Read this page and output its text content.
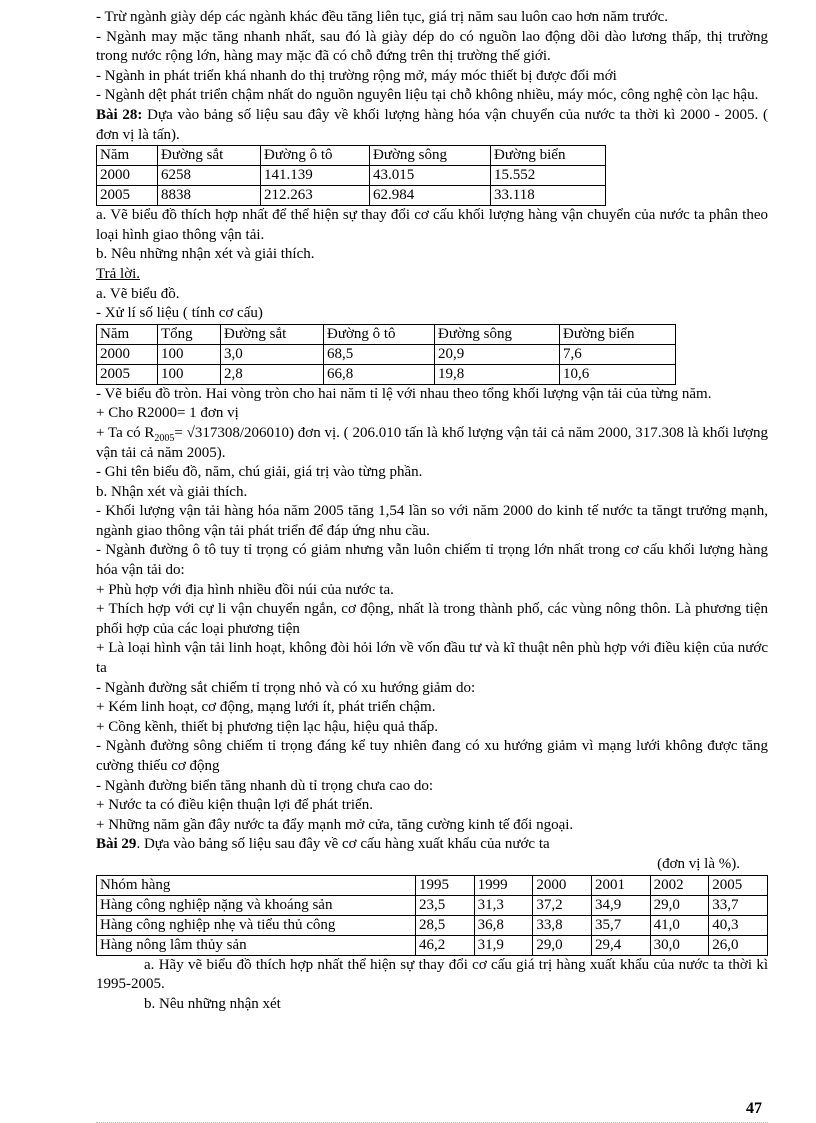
- Trừ ngành giày dép các ngành khác đều tăng liên tục, giá trị năm sau luôn cao hơn năm trước.

- Ngành may mặc tăng nhanh nhất, sau đó là giày dép do có nguồn lao động dồi dào lương thấp, thị trường trong nước rộng lớn, hàng may mặc đã có chỗ đứng trên thị trường thế giới.

- Ngành in phát triển khá nhanh do thị trường rộng mở, máy móc thiết bị được đổi mới

- Ngành dệt phát triển chậm nhất do nguồn nguyên liệu tại chỗ không nhiều, máy móc, công nghệ còn lạc hậu.

Bài 28: Dựa vào bảng số liệu sau đây về khối lượng hàng hóa vận chuyển của nước ta thời kì 2000 - 2005. ( đơn vị là tấn).

Năm	Đường sắt	Đường ô tô	Đường sông	Đường biển
2000	6258	141.139	43.015	15.552
2005	8838	212.263	62.984	33.118

a. Vẽ biểu đồ thích hợp nhất để thể hiện sự thay đổi cơ cấu khối lượng hàng vận chuyển của nước ta phân theo loại hình giao thông vận tải.

b. Nêu những nhận xét và giải thích.

Trả lời.

a. Vẽ biểu đồ.

- Xử lí số liệu ( tính cơ cấu)

Năm	Tổng	Đường sắt	Đường ô tô	Đường sông	Đường biển
2000	100	3,0	68,5	20,9	7,6
2005	100	2,8	66,8	19,8	10,6

- Vẽ biểu đồ tròn. Hai vòng tròn cho hai năm tỉ lệ với nhau theo tổng khối lượng vận tải của từng năm.

+ Cho R2000= 1 đơn vị

+ Ta có $R_{2005}= √317308/206010$) đơn vị. ( 206.010 tấn là khố lượng vận tải cả năm 2000, 317.308 là khối lượng vận tải cả năm 2005).

- Ghi tên biểu đồ, năm, chú giải, giá trị vào từng phần.

b. Nhận xét và giải thích.

- Khối lượng vận tải hàng hóa năm 2005 tăng 1,54 lần so với năm 2000 do kinh tế nước ta tăngt trưởng mạnh, ngành giao thông vận tải phát triển để đáp ứng nhu cầu.

- Ngành đường ô tô tuy tỉ trọng có giảm nhưng vẫn luôn chiếm tỉ trọng lớn nhất trong cơ cấu khối lượng hàng hóa vận tải do:

+ Phù hợp với địa hình nhiều đồi núi của nước ta.

+ Thích hợp với cự li vận chuyển ngắn, cơ động, nhất là trong thành phố, các vùng nông thôn. Là phương tiện phối hợp của các loại phương tiện

+ Là loại hình vận tải linh hoạt, không đòi hỏi lớn về vốn đầu tư và kĩ thuật nên phù hợp với điều kiện của nước ta

- Ngành đường sắt chiếm tỉ trọng nhỏ và có xu hướng giảm do:

+ Kém linh hoạt, cơ động, mạng lưới ít, phát triển chậm.

+ Cồng kềnh, thiết bị phương tiện lạc hậu, hiệu quả thấp.

- Ngành đường sông chiếm tỉ trọng đáng kể tuy nhiên đang có xu hướng giảm vì mạng lưới không được tăng cường thiếu cơ động

- Ngành đường biển tăng nhanh dù tỉ trọng chưa cao do:

+ Nước ta có điều kiện thuận lợi để phát triển.

+ Những năm gần đây nước ta đẩy mạnh mở cửa, tăng cường kinh tế đối ngoại.

Bài 29. Dựa vào bảng số liệu sau đây về cơ cấu hàng xuất khẩu của nước ta

(đơn vị là %).

Nhóm hàng	1995	1999	2000	2001	2002	2005
Hàng công nghiệp nặng và khoáng sản	23,5	31,3	37,2	34,9	29,0	33,7
Hàng công nghiệp nhẹ và tiểu thủ công	28,5	36,8	33,8	35,7	41,0	40,3
Hàng nông lâm thủy sản	46,2	31,9	29,0	29,4	30,0	26,0

a. Hãy vẽ biểu đồ thích hợp nhất thể hiện sự thay đổi cơ cấu giá trị hàng xuất khẩu của nước ta thời kì 1995-2005.

b. Nêu những nhận xét

47
